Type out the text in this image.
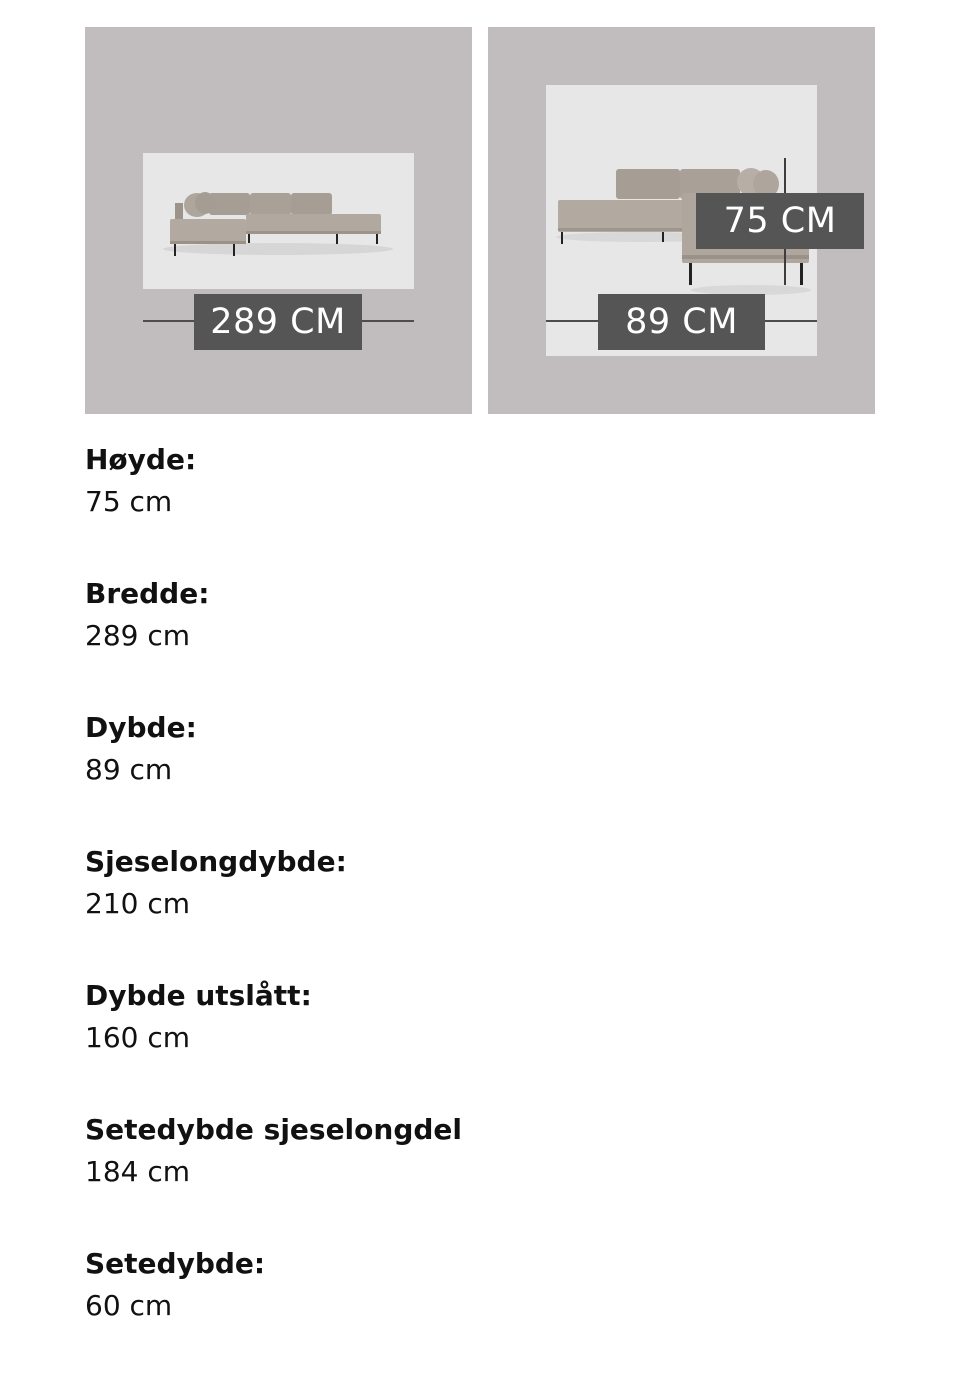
289 CM
75 CM
89 CM
Høyde:
75 cm
Bredde:
289 cm
Dybde:
89 cm
Sjeselongdybde:
210 cm
Dybde utslått:
160 cm
Setedybde sjeselongdel
184 cm
Setedybde:
60 cm
